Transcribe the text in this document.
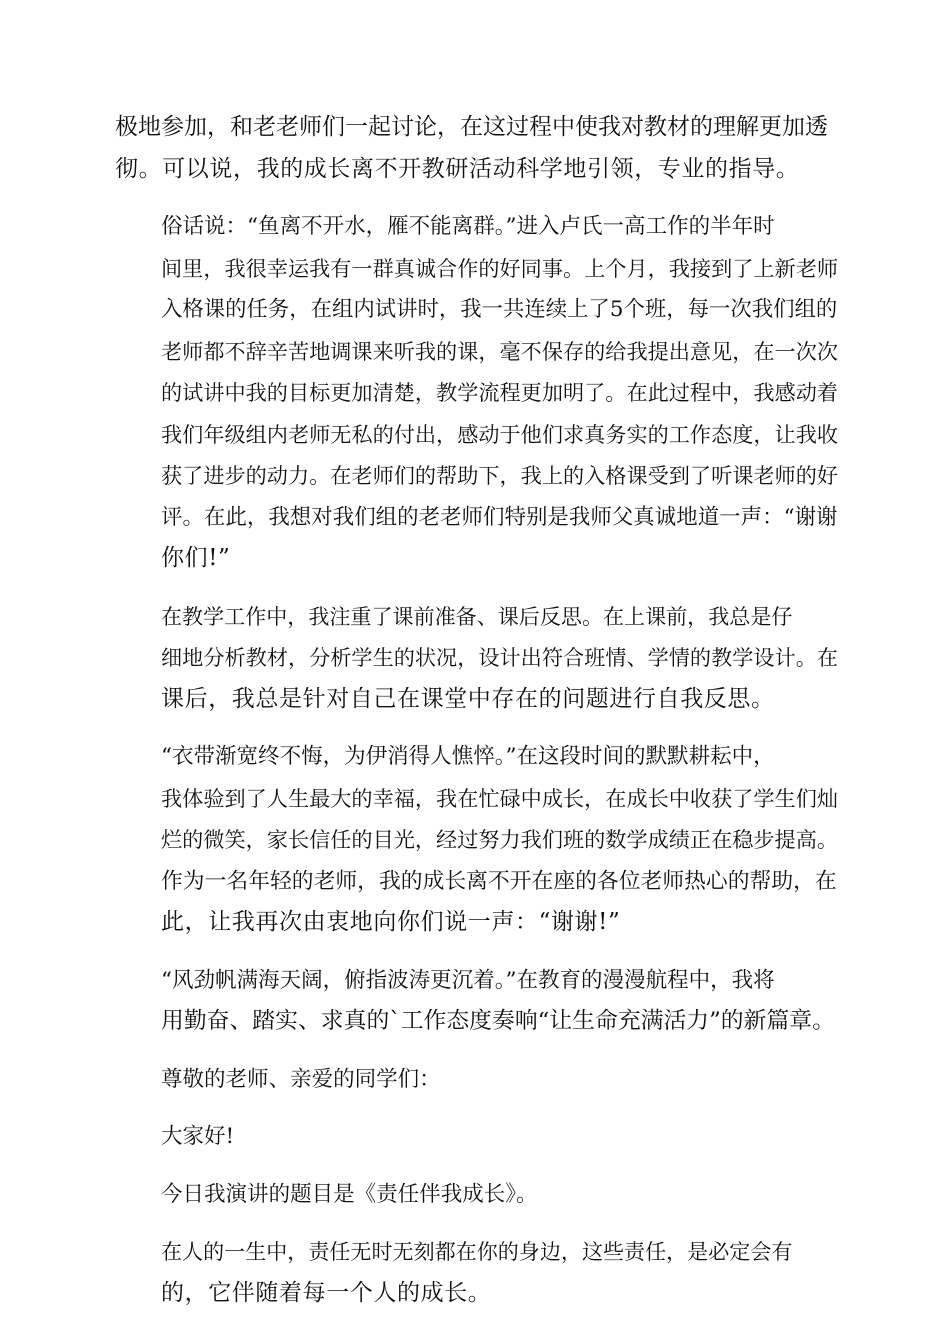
极地参加，和老老师们一起讨论，在这过程中使我对教材的理解更加透
彻。可以说，我的成长离不开教研活动科学地引领，专业的指导。

俗话说：“鱼离不开水，雁不能离群。”进入卢氏一高工作的半年时
间里，我很幸运我有一群真诚合作的好同事。上个月，我接到了上新老师
入格课的任务，在组内试讲时，我一共连续上了5个班，每一次我们组的
老师都不辞辛苦地调课来听我的课，毫不保存的给我提出意见，在一次次
的试讲中我的目标更加清楚，教学流程更加明了。在此过程中，我感动着
我们年级组内老师无私的付出，感动于他们求真务实的工作态度，让我收
获了进步的动力。在老师们的帮助下，我上的入格课受到了听课老师的好
评。在此，我想对我们组的老老师们特别是我师父真诚地道一声：“谢谢
你们!”

在教学工作中，我注重了课前准备、课后反思。在上课前，我总是仔
细地分析教材，分析学生的状况，设计出符合班情、学情的教学设计。在
课后，我总是针对自己在课堂中存在的问题进行自我反思。

“衣带渐宽终不悔，为伊消得人憔悴。”在这段时间的默默耕耘中，
我体验到了人生最大的幸福，我在忙碌中成长，在成长中收获了学生们灿
烂的微笑，家长信任的目光，经过努力我们班的数学成绩正在稳步提高。
作为一名年轻的老师，我的成长离不开在座的各位老师热心的帮助，在
此，让我再次由衷地向你们说一声：“谢谢!”

“风劲帆满海天阔，俯指波涛更沉着。”在教育的漫漫航程中，我将
用勤奋、踏实、求真的`工作态度奏响“让生命充满活力”的新篇章。

尊敬的老师、亲爱的同学们：

大家好!

今日我演讲的题目是《责任伴我成长》。

在人的一生中，责任无时无刻都在你的身边，这些责任，是必定会有
的，它伴随着每一个人的成长。
